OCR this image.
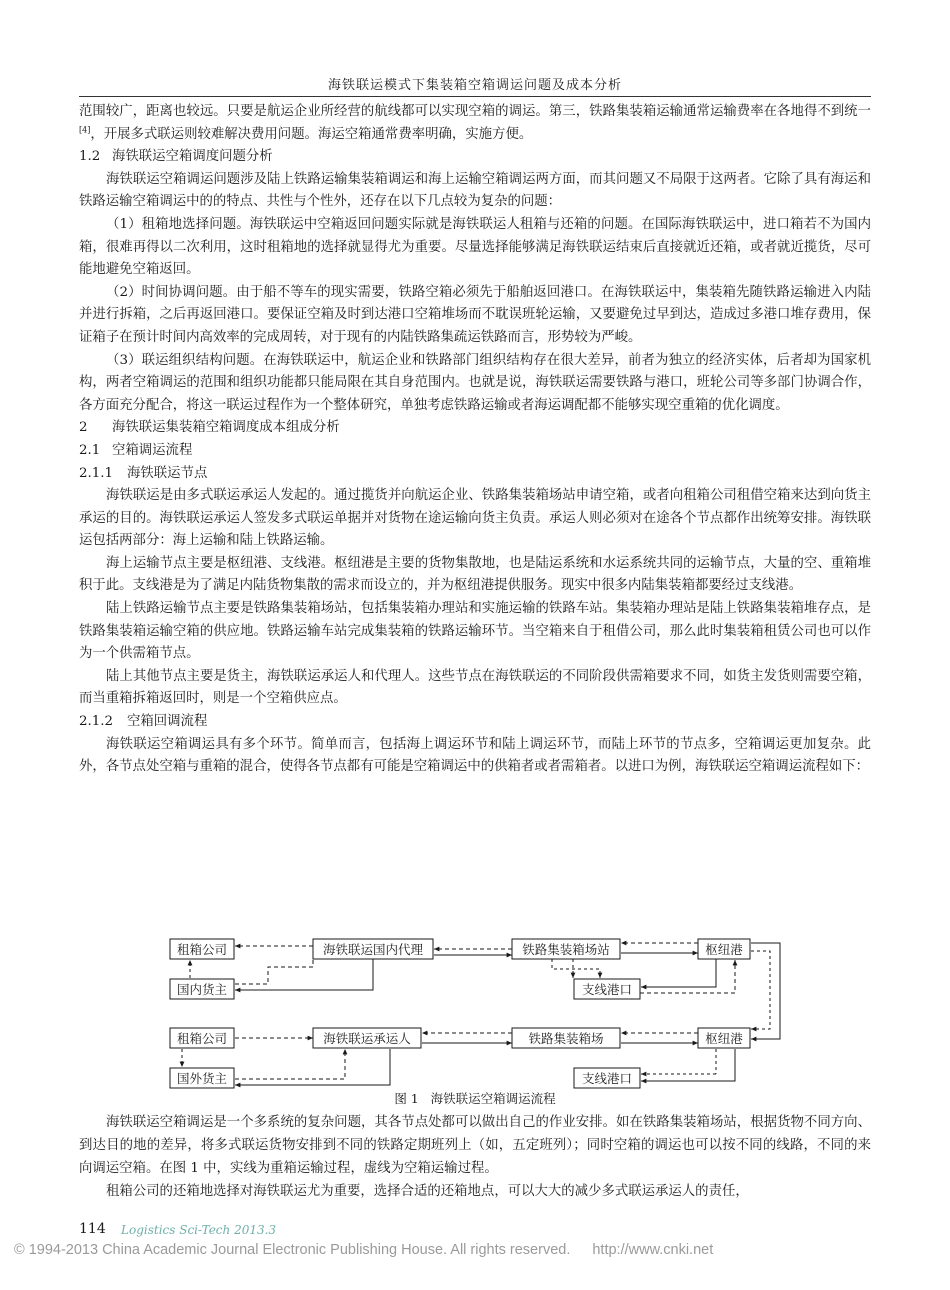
海铁联运模式下集装箱空箱调运问题及成本分析

范围较广，距离也较远。只要是航运企业所经营的航线都可以实现空箱的调运。第三，铁路集装箱运输通常运输费率在各地得不到统一[4]，开展多式联运则较难解决费用问题。海运空箱通常费率明确，实施方便。

1.2 海铁联运空箱调度问题分析

海铁联运空箱调运问题涉及陆上铁路运输集装箱调运和海上运输空箱调运两方面，而其问题又不局限于这两者。它除了具有海运和铁路运输空箱调运中的的特点、共性与个性外，还存在以下几点较为复杂的问题：

（1）租箱地选择问题。海铁联运中空箱返回问题实际就是海铁联运人租箱与还箱的问题。在国际海铁联运中，进口箱若不为国内箱，很难再得以二次利用，这时租箱地的选择就显得尤为重要。尽量选择能够满足海铁联运结束后直接就近还箱，或者就近揽货，尽可能地避免空箱返回。

（2）时间协调问题。由于船不等车的现实需要，铁路空箱必须先于船舶返回港口。在海铁联运中，集装箱先随铁路运输进入内陆并进行拆箱，之后再返回港口。要保证空箱及时到达港口空箱堆场而不耽误班轮运输，又要避免过早到达，造成过多港口堆存费用，保证箱子在预计时间内高效率的完成周转，对于现有的内陆铁路集疏运铁路而言，形势较为严峻。

（3）联运组织结构问题。在海铁联运中，航运企业和铁路部门组织结构存在很大差异，前者为独立的经济实体，后者却为国家机构，两者空箱调运的范围和组织功能都只能局限在其自身范围内。也就是说，海铁联运需要铁路与港口，班轮公司等多部门协调合作，各方面充分配合，将这一联运过程作为一个整体研究，单独考虑铁路运输或者海运调配都不能够实现空重箱的优化调度。

2 海铁联运集装箱空箱调度成本组成分析

2.1 空箱调运流程

2.1.1 海铁联运节点

海铁联运是由多式联运承运人发起的。通过揽货并向航运企业、铁路集装箱场站申请空箱，或者向租箱公司租借空箱来达到向货主承运的目的。海铁联运承运人签发多式联运单据并对货物在途运输向货主负责。承运人则必须对在途各个节点都作出统筹安排。海铁联运包括两部分：海上运输和陆上铁路运输。

海上运输节点主要是枢纽港、支线港。枢纽港是主要的货物集散地，也是陆运系统和水运系统共同的运输节点，大量的空、重箱堆积于此。支线港是为了满足内陆货物集散的需求而设立的，并为枢纽港提供服务。现实中很多内陆集装箱都要经过支线港。

陆上铁路运输节点主要是铁路集装箱场站，包括集装箱办理站和实施运输的铁路车站。集装箱办理站是陆上铁路集装箱堆存点，是铁路集装箱运输空箱的供应地。铁路运输车站完成集装箱的铁路运输环节。当空箱来自于租借公司，那么此时集装箱租赁公司也可以作为一个供需箱节点。

陆上其他节点主要是货主，海铁联运承运人和代理人。这些节点在海铁联运的不同阶段供需箱要求不同，如货主发货则需要空箱，而当重箱拆箱返回时，则是一个空箱供应点。

2.1.2 空箱回调流程

海铁联运空箱调运具有多个环节。简单而言，包括海上调运环节和陆上调运环节，而陆上环节的节点多，空箱调运更加复杂。此外，各节点处空箱与重箱的混合，使得各节点都有可能是空箱调运中的供箱者或者需箱者。以进口为例，海铁联运空箱调运流程如下：

租箱公司	海铁联运国内代理	铁路集装箱场站	枢纽港
国内货主	支线港口
租箱公司	海铁联运承运人	铁路集装箱场	枢纽港
国外货主	支线港口
图 1 海铁联运空箱调运流程

海铁联运空箱调运是一个多系统的复杂问题，其各节点处都可以做出自己的作业安排。如在铁路集装箱场站，根据货物不同方向、到达目的地的差异，将多式联运货物安排到不同的铁路定期班列上（如，五定班列）；同时空箱的调运也可以按不同的线路，不同的来向调运空箱。在图 1 中，实线为重箱运输过程，虚线为空箱运输过程。

租箱公司的还箱地选择对海铁联运尤为重要，选择合适的还箱地点，可以大大的减少多式联运承运人的责任，

114 Logistics Sci-Tech 2013.3
© 1994-2013 China Academic Journal Electronic Publishing House. All rights reserved. http://www.cnki.net
